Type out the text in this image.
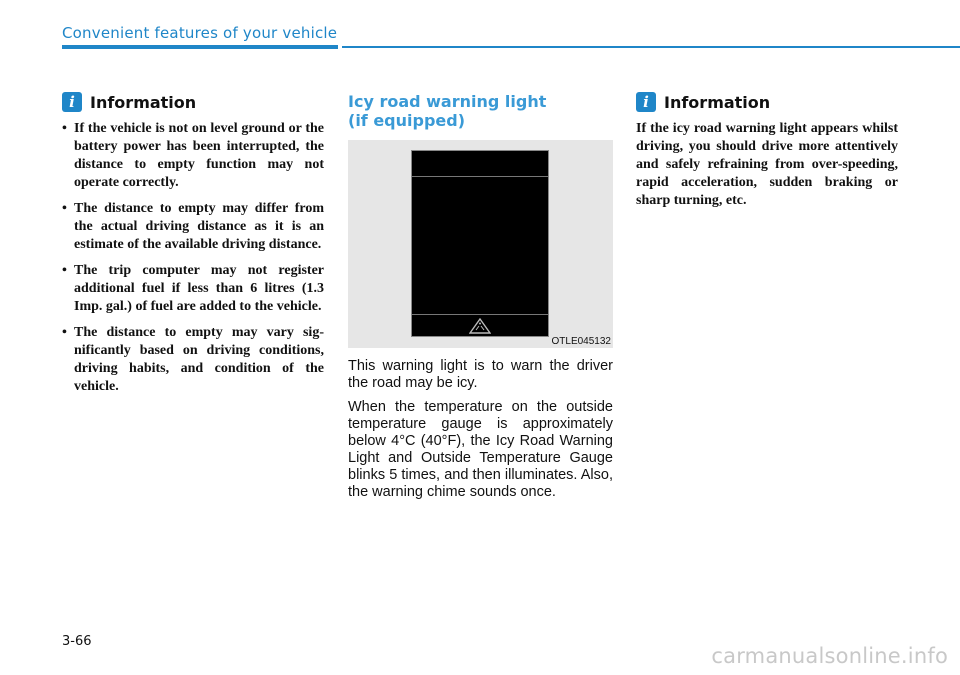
Convenient features of your vehicle
i Information
• If the vehicle is not on level ground or the battery power has been interrupted, the distance to empty function may not operate correctly.
• The distance to empty may differ from the actual driving distance as it is an estimate of the available driving distance.
• The trip computer may not register additional fuel if less than 6 litres (1.3 Imp. gal.) of fuel are added to the vehicle.
• The distance to empty may vary significantly based on driving conditions, driving habits, and condition of the vehicle.
Icy road warning light
(if equipped)
OTLE045132

This warning light is to warn the driver the road may be icy.

When the temperature on the outside temperature gauge is approximately below 4°C (40°F), the Icy Road Warning Light and Outside Temperature Gauge blinks 5 times, and then illuminates. Also, the warning chime sounds once.

i Information

If the icy road warning light appears whilst driving, you should drive more attentively and safely refraining from over-speeding, rapid acceleration, sudden braking or sharp turning, etc.

3-66
carmanualsonline.info
